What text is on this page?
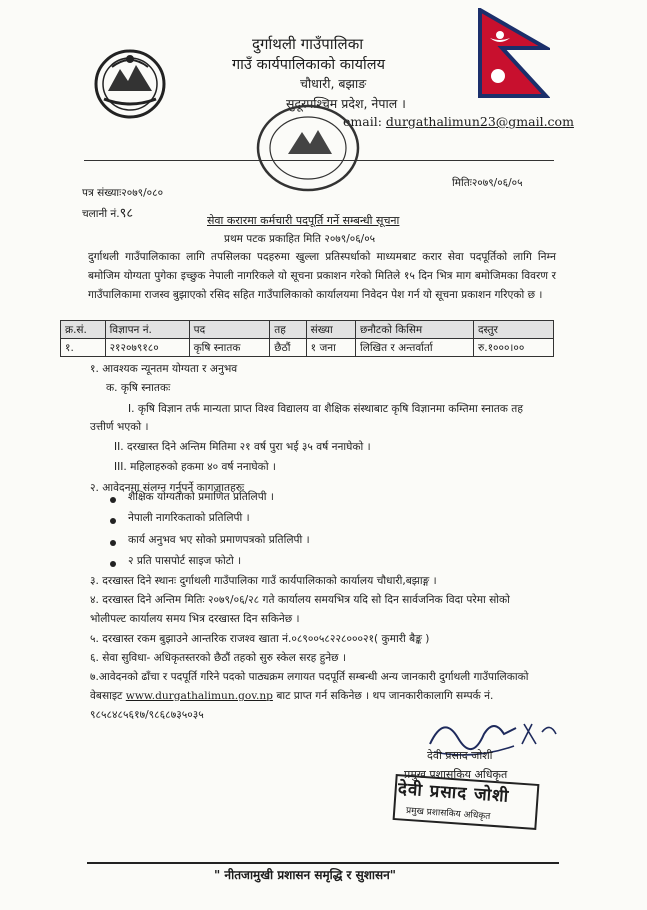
दुर्गाथली गाउँपालिका
गाउँ कार्यपालिकाको कार्यालय
चौधारी, बझाङ
सुदूरपश्चिम प्रदेश, नेपाल ।
email: durgathalimun23@gmail.com
पत्र संख्याः२०७९/०८०
चलानी नं.९८
मितिः२०७९/०६/०५
सेवा करारमा कर्मचारी पदपूर्ति गर्ने सम्बन्धी सूचना
प्रथम पटक प्रकाहित मिति २०७९/०६/०५
दुर्गाथली गाउँपालिकाका लागि तपसिलका पदहरुमा खुल्ला प्रतिस्पर्धाको माध्यमबाट करार सेवा पदपूर्तिको लागि निम्न बमोजिम योग्यता पुगेका इच्छुक नेपाली नागरिकले यो सूचना प्रकाशन गरेको मितिले १५ दिन भित्र माग बमोजिमका विवरण र गाउँपालिकामा राजस्व बुझाएको रसिद सहित गाउँपालिकाको कार्यालयमा निवेदन पेश गर्न यो सूचना प्रकाशन गरिएको छ ।
क्र.सं.	विज्ञापन नं.	पद	तह	संख्या	छनौटको किसिम	दस्तुर
१.	२१२०७९१८०	कृषि स्नातक	छैठौं	१ जना	लिखित र अन्तर्वार्ता	रु.१०००।००
१. आवश्यक न्यूनतम योग्यता र अनुभव
क. कृषि स्नातकः
I. कृषि विज्ञान तर्फ मान्यता प्राप्त विश्व विद्यालय वा शैक्षिक संस्थाबाट कृषि विज्ञानमा कम्तिमा स्नातक तह
उत्तीर्ण भएको ।
II. दरखास्त दिने अन्तिम मितिमा २१ वर्ष पुरा भई ३५ वर्ष ननाघेको ।
III. महिलाहरुको हकमा ४० वर्ष ननाघेको ।
२. आवेदनमा संलग्न गर्नुपर्ने कागजातहरुः
शैक्षिक योग्यताको प्रमाणित प्रतिलिपी ।
नेपाली नागरिकताको प्रतिलिपी ।
कार्य अनुभव भए सोको प्रमाणपत्रको प्रतिलिपी ।
२ प्रति पासपोर्ट साइज फोटो ।
३. दरखास्त दिने स्थानः दुर्गाथली गाउँपालिका गाउँ कार्यपालिकाको कार्यालय चौधारी,बझाङ्ग ।
४. दरखास्त दिने अन्तिम मितिः २०७९/०६/२८ गते कार्यालय समयभित्र यदि सो दिन सार्वजनिक विदा परेमा सोको
भोलीपल्ट कार्यालय समय भित्र दरखास्त दिन सकिनेछ ।
५. दरखास्त रकम बुझाउने आन्तरिक राजश्व खाता नं.०८९००५८२२८०००२१( कुमारी बैङ्क )
६. सेवा सुविधा- अधिकृतस्तरको छैठौं तहको सुरु स्केल सरह हुनेछ ।
७.आवेदनको ढाँचा र पदपूर्ति गरिने पदको पाठ्यक्रम लगायत पदपूर्ति सम्बन्धी अन्य जानकारी दुर्गाथली गाउँपालिकाको
वेबसाइट www.durgathalimun.gov.np बाट प्राप्त गर्न सकिनेछ । थप जानकारीकालागि सम्पर्क नं.
९८५८४८५६१७/९८६८७३५०३५
देवी प्रसाद जोशी
प्रमुख प्रशासकिय अधिकृत
देवी प्रसाद जोशी
प्रमुख प्रशासकिय अधिकृत
" नीतजामुखी प्रशासन समृद्धि र सुशासन"
